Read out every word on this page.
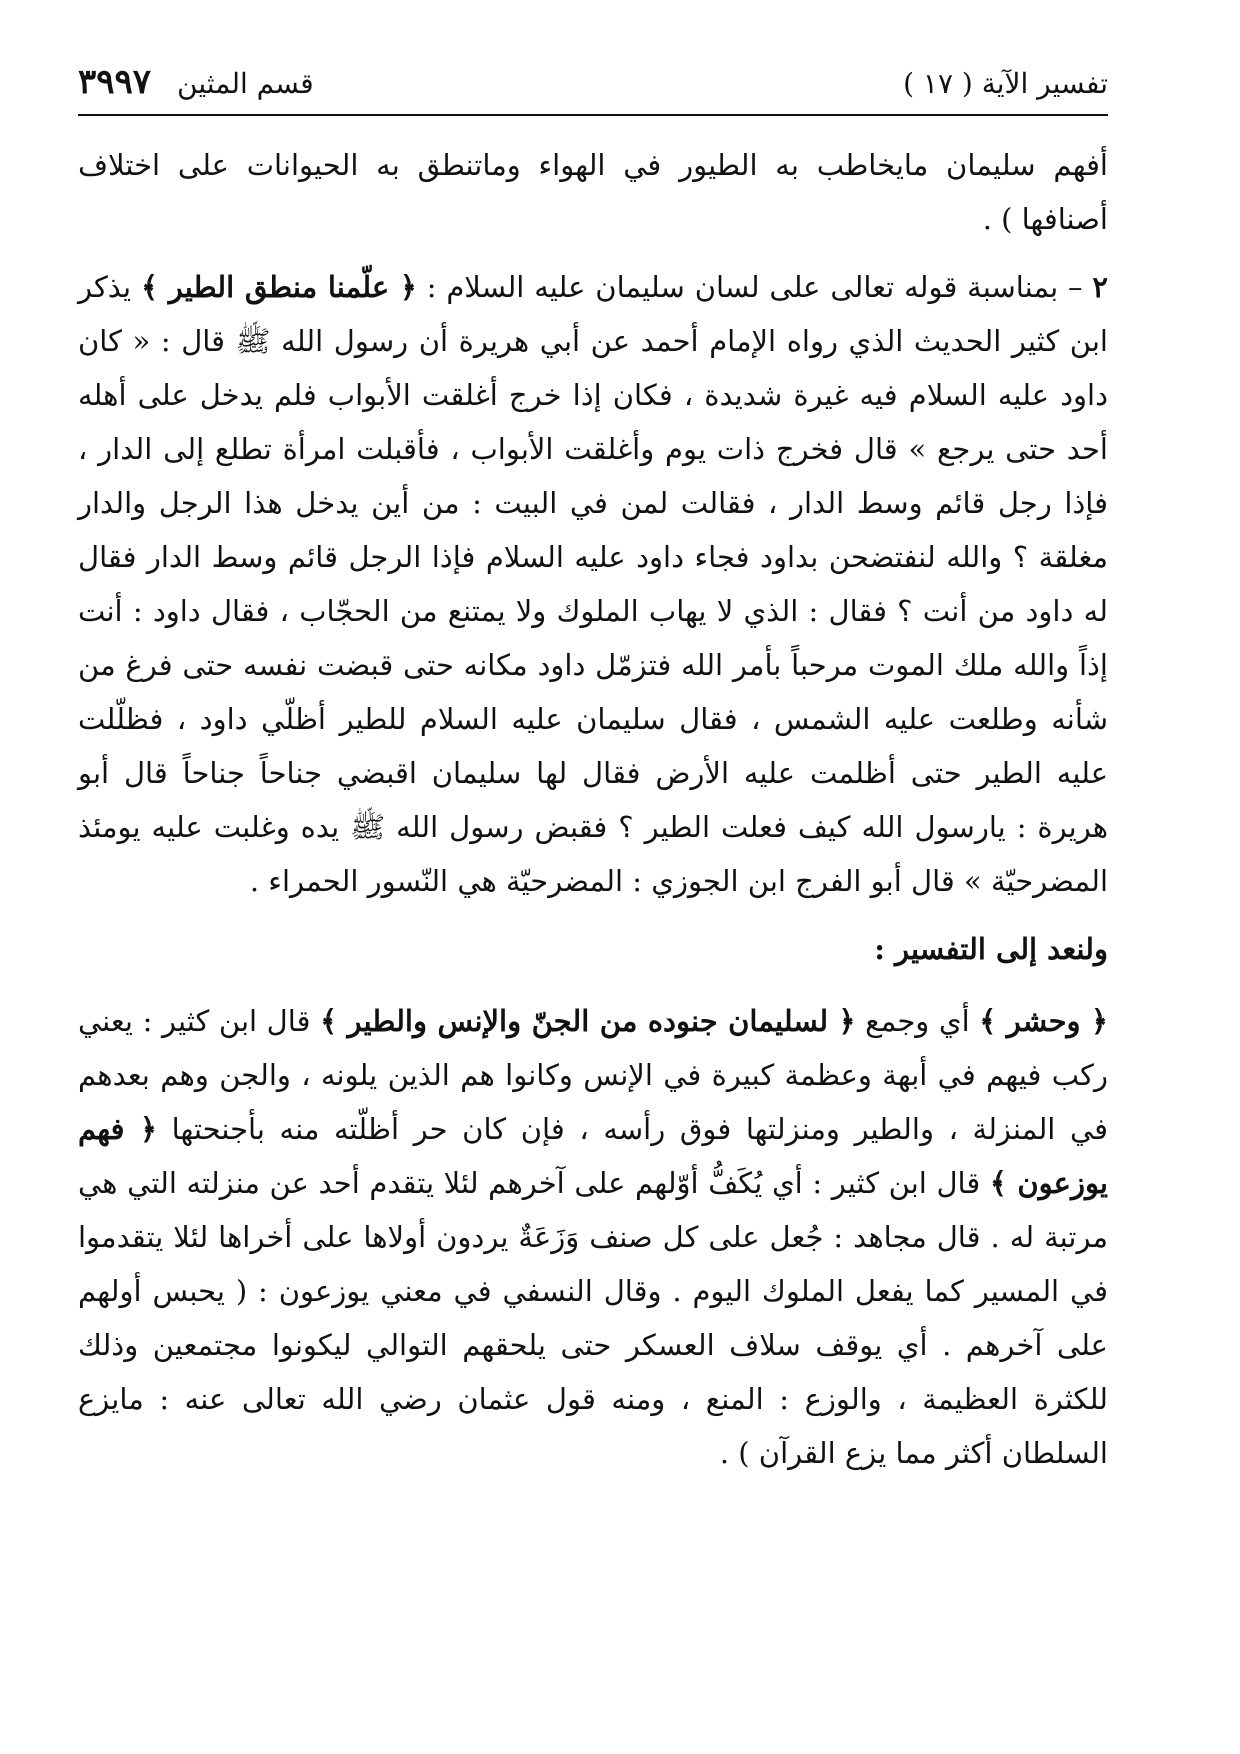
تفسير الآية ( ١٧ )
قسم المثين
٣٩٩٧

أفهم سليمان مايخاطب به الطيور في الهواء وماتنطق به الحيوانات على اختلاف أصنافها ) .

٢ – بمناسبة قوله تعالى على لسان سليمان عليه السلام : ﴿ علّمنا منطق الطير ﴾ يذكر ابن كثير الحديث الذي رواه الإمام أحمد عن أبي هريرة أن رسول الله ﷺ قال : « كان داود عليه السلام فيه غيرة شديدة ، فكان إذا خرج أغلقت الأبواب فلم يدخل على أهله أحد حتى يرجع » قال فخرج ذات يوم وأغلقت الأبواب ، فأقبلت امرأة تطلع إلى الدار ، فإذا رجل قائم وسط الدار ، فقالت لمن في البيت : من أين يدخل هذا الرجل والدار مغلقة ؟ والله لنفتضحن بداود فجاء داود عليه السلام فإذا الرجل قائم وسط الدار فقال له داود من أنت ؟ فقال : الذي لا يهاب الملوك ولا يمتنع من الحجّاب ، فقال داود : أنت إذاً والله ملك الموت مرحباً بأمر الله فتزمّل داود مكانه حتى قبضت نفسه حتى فرغ من شأنه وطلعت عليه الشمس ، فقال سليمان عليه السلام للطير أظلّي داود ، فظلّلت عليه الطير حتى أظلمت عليه الأرض فقال لها سليمان اقبضي جناحاً جناحاً قال أبو هريرة : يارسول الله كيف فعلت الطير ؟ فقبض رسول الله ﷺ يده وغلبت عليه يومئذ المضرحيّة » قال أبو الفرج ابن الجوزي : المضرحيّة هي النّسور الحمراء .

ولنعد إلى التفسير :

﴿ وحشر ﴾ أي وجمع ﴿ لسليمان جنوده من الجنّ والإنس والطير ﴾ قال ابن كثير : يعني ركب فيهم في أبهة وعظمة كبيرة في الإنس وكانوا هم الذين يلونه ، والجن وهم بعدهم في المنزلة ، والطير ومنزلتها فوق رأسه ، فإن كان حر أظلّته منه بأجنحتها ﴿ فهم يوزعون ﴾ قال ابن كثير : أي يُكَفُّ أوّلهم على آخرهم لئلا يتقدم أحد عن منزلته التي هي مرتبة له . قال مجاهد : جُعل على كل صنف وَزَعَةٌ يردون أولاها على أخراها لئلا يتقدموا في المسير كما يفعل الملوك اليوم . وقال النسفي في معني يوزعون : ( يحبس أولهم على آخرهم . أي يوقف سلاف العسكر حتى يلحقهم التوالي ليكونوا مجتمعين وذلك للكثرة العظيمة ، والوزع : المنع ، ومنه قول عثمان رضي الله تعالى عنه : مايزع السلطان أكثر مما يزع القرآن ) .
